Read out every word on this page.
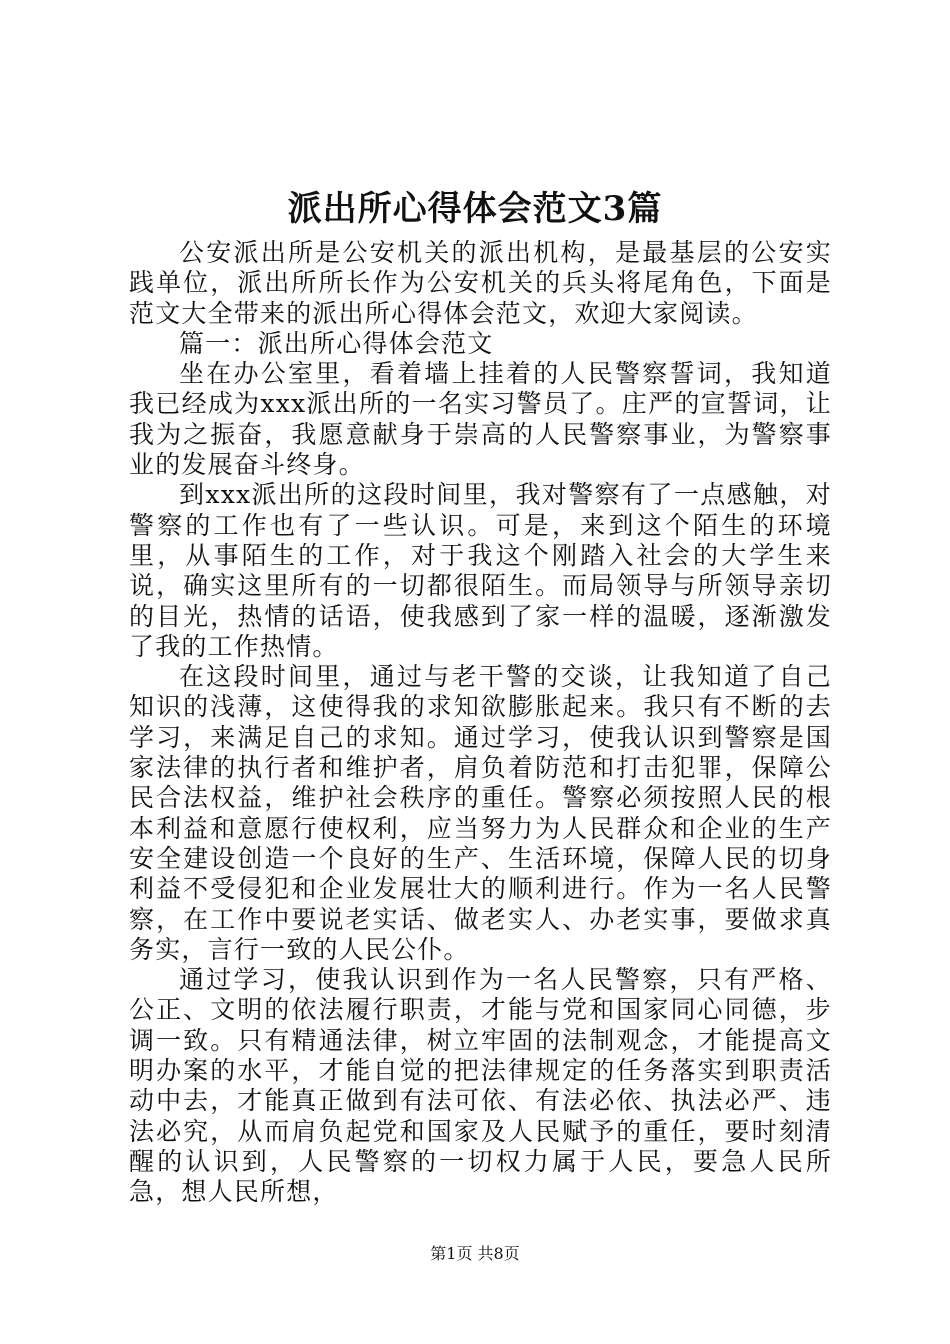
派出所心得体会范文3篇

公安派出所是公安机关的派出机构，是最基层的公安实践单位，派出所所长作为公安机关的兵头将尾角色，下面是范文大全带来的派出所心得体会范文，欢迎大家阅读。

篇一：派出所心得体会范文

坐在办公室里，看着墙上挂着的人民警察誓词，我知道我已经成为xxx派出所的一名实习警员了。庄严的宣誓词，让我为之振奋，我愿意献身于崇高的人民警察事业，为警察事业的发展奋斗终身。

到xxx派出所的这段时间里，我对警察有了一点感触，对警察的工作也有了一些认识。可是，来到这个陌生的环境里，从事陌生的工作，对于我这个刚踏入社会的大学生来说，确实这里所有的一切都很陌生。而局领导与所领导亲切的目光，热情的话语，使我感到了家一样的温暖，逐渐激发了我的工作热情。

在这段时间里，通过与老干警的交谈，让我知道了自己知识的浅薄，这使得我的求知欲膨胀起来。我只有不断的去学习，来满足自己的求知。通过学习，使我认识到警察是国家法律的执行者和维护者，肩负着防范和打击犯罪，保障公民合法权益，维护社会秩序的重任。警察必须按照人民的根本利益和意愿行使权利，应当努力为人民群众和企业的生产安全建设创造一个良好的生产、生活环境，保障人民的切身利益不受侵犯和企业发展壮大的顺利进行。作为一名人民警察，在工作中要说老实话、做老实人、办老实事，要做求真务实，言行一致的人民公仆。

通过学习，使我认识到作为一名人民警察，只有严格、公正、文明的依法履行职责，才能与党和国家同心同德，步调一致。只有精通法律，树立牢固的法制观念，才能提高文明办案的水平，才能自觉的把法律规定的任务落实到职责活动中去，才能真正做到有法可依、有法必依、执法必严、违法必究，从而肩负起党和国家及人民赋予的重任，要时刻清醒的认识到，人民警察的一切权力属于人民，要急人民所急，想人民所想，

第1页 共8页
